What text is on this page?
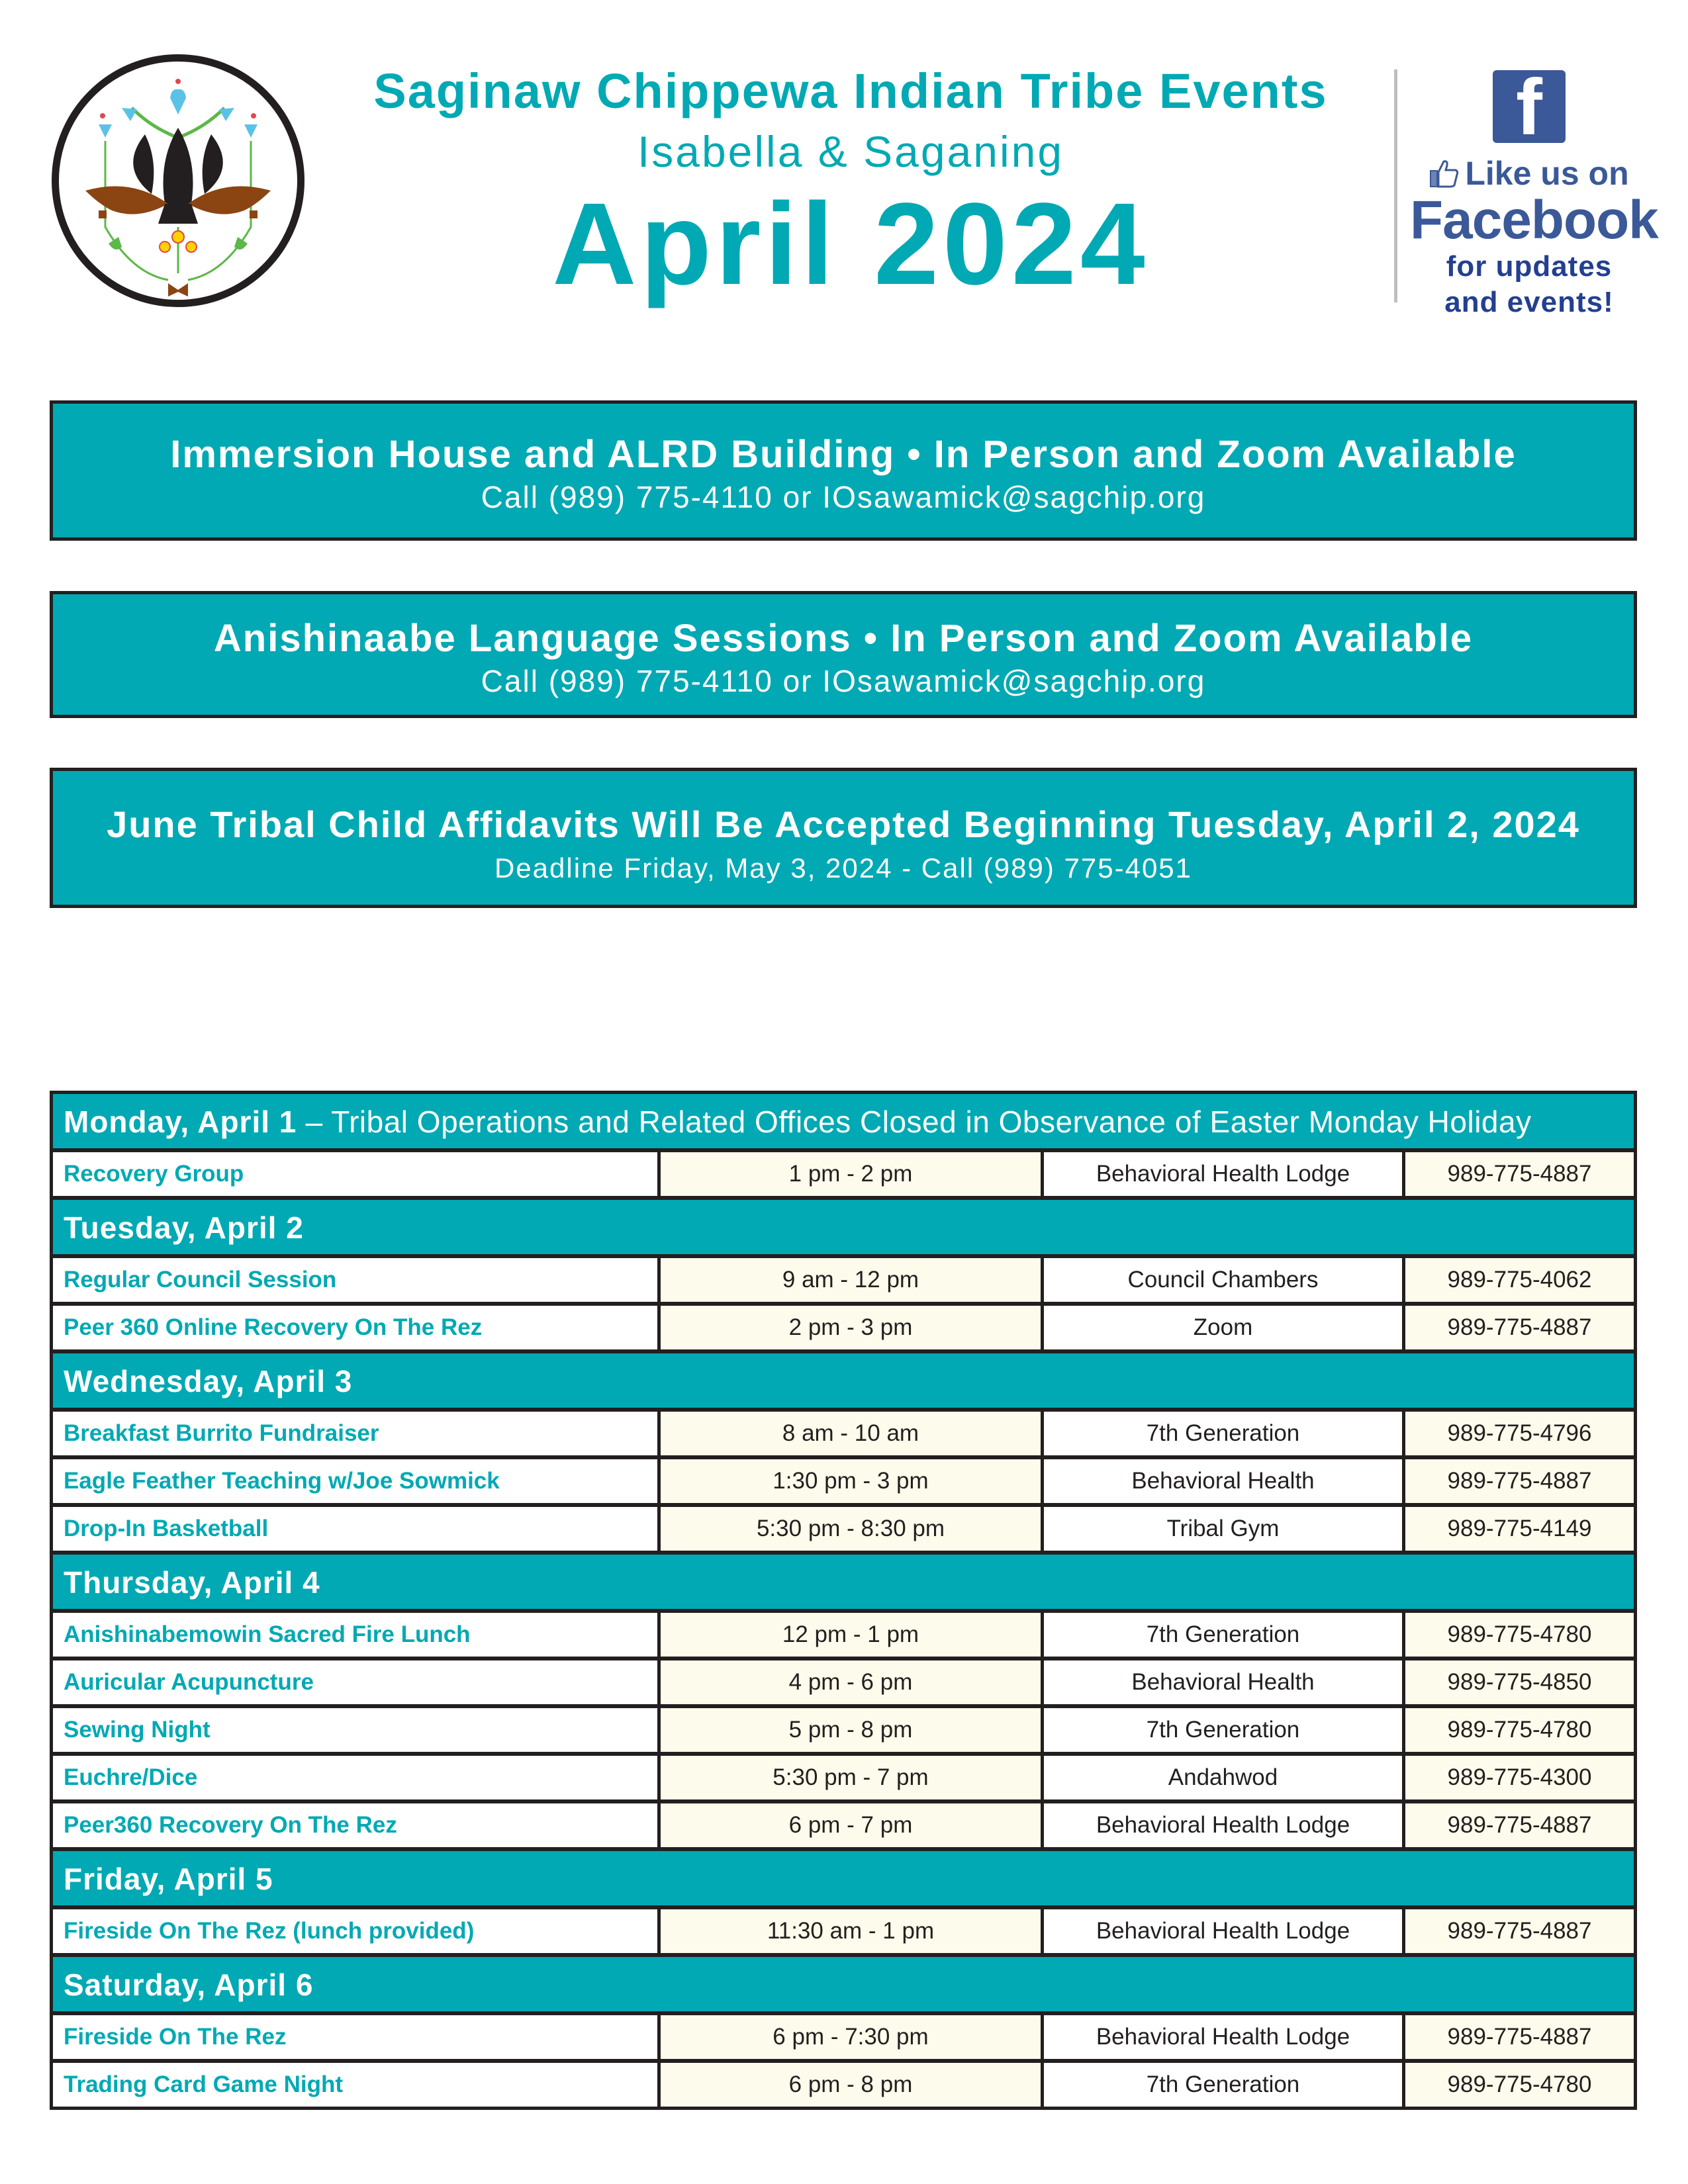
Saginaw Chippewa Indian Tribe Events
Isabella & Saganing
April 2024
f
Like us on
Facebook
for updates
and events!
Immersion House and ALRD Building • In Person and Zoom Available
Call (989) 775-4110 or IOsawamick@sagchip.org
Anishinaabe Language Sessions • In Person and Zoom Available
Call (989) 775-4110 or IOsawamick@sagchip.org
June Tribal Child Affidavits Will Be Accepted Beginning Tuesday, April 2, 2024
Deadline Friday, May 3, 2024 - Call (989) 775-4051
Monday, April 1 – Tribal Operations and Related Offices Closed in Observance of Easter Monday Holiday
Recovery Group	1 pm - 2 pm	Behavioral Health Lodge	989-775-4887
Tuesday, April 2
Regular Council Session	9 am - 12 pm	Council Chambers	989-775-4062
Peer 360 Online Recovery On The Rez	2 pm - 3 pm	Zoom	989-775-4887
Wednesday, April 3
Breakfast Burrito Fundraiser	8 am - 10 am	7th Generation	989-775-4796
Eagle Feather Teaching w/Joe Sowmick	1:30 pm - 3 pm	Behavioral Health	989-775-4887
Drop-In Basketball	5:30 pm - 8:30 pm	Tribal Gym	989-775-4149
Thursday, April 4
Anishinabemowin Sacred Fire Lunch	12 pm - 1 pm	7th Generation	989-775-4780
Auricular Acupuncture	4 pm - 6 pm	Behavioral Health	989-775-4850
Sewing Night	5 pm - 8 pm	7th Generation	989-775-4780
Euchre/Dice	5:30 pm - 7 pm	Andahwod	989-775-4300
Peer360 Recovery On The Rez	6 pm - 7 pm	Behavioral Health Lodge	989-775-4887
Friday, April 5
Fireside On The Rez (lunch provided)	11:30 am - 1 pm	Behavioral Health Lodge	989-775-4887
Saturday, April 6
Fireside On The Rez	6 pm - 7:30 pm	Behavioral Health Lodge	989-775-4887
Trading Card Game Night	6 pm - 8 pm	7th Generation	989-775-4780
